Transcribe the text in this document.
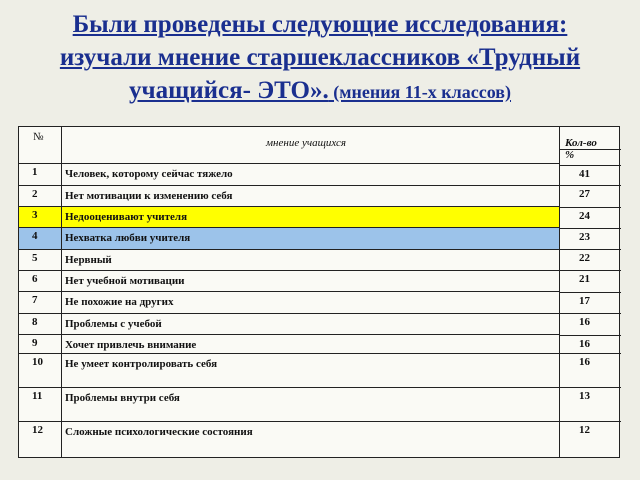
Были проведены следующие исследования:
изучали мнение старшеклассников «Трудный
учащийся- ЭТО». (мнения 11-х классов)
№	мнение учащихся	Кол-во
%
1	Человек, которому сейчас тяжело	41
2	Нет мотивации к изменению себя	27
3	Недооценивают учителя	24
4	Нехватка любви учителя	23
5	Нервный	22
6	Нет учебной мотивации	21
7	Не похожие на других	17
8	Проблемы с учебой	16
9	Хочет привлечь внимание	16
10 Не умеет контролировать себя	16
11 Проблемы внутри себя	13
12 Сложные психологические состояния	12
